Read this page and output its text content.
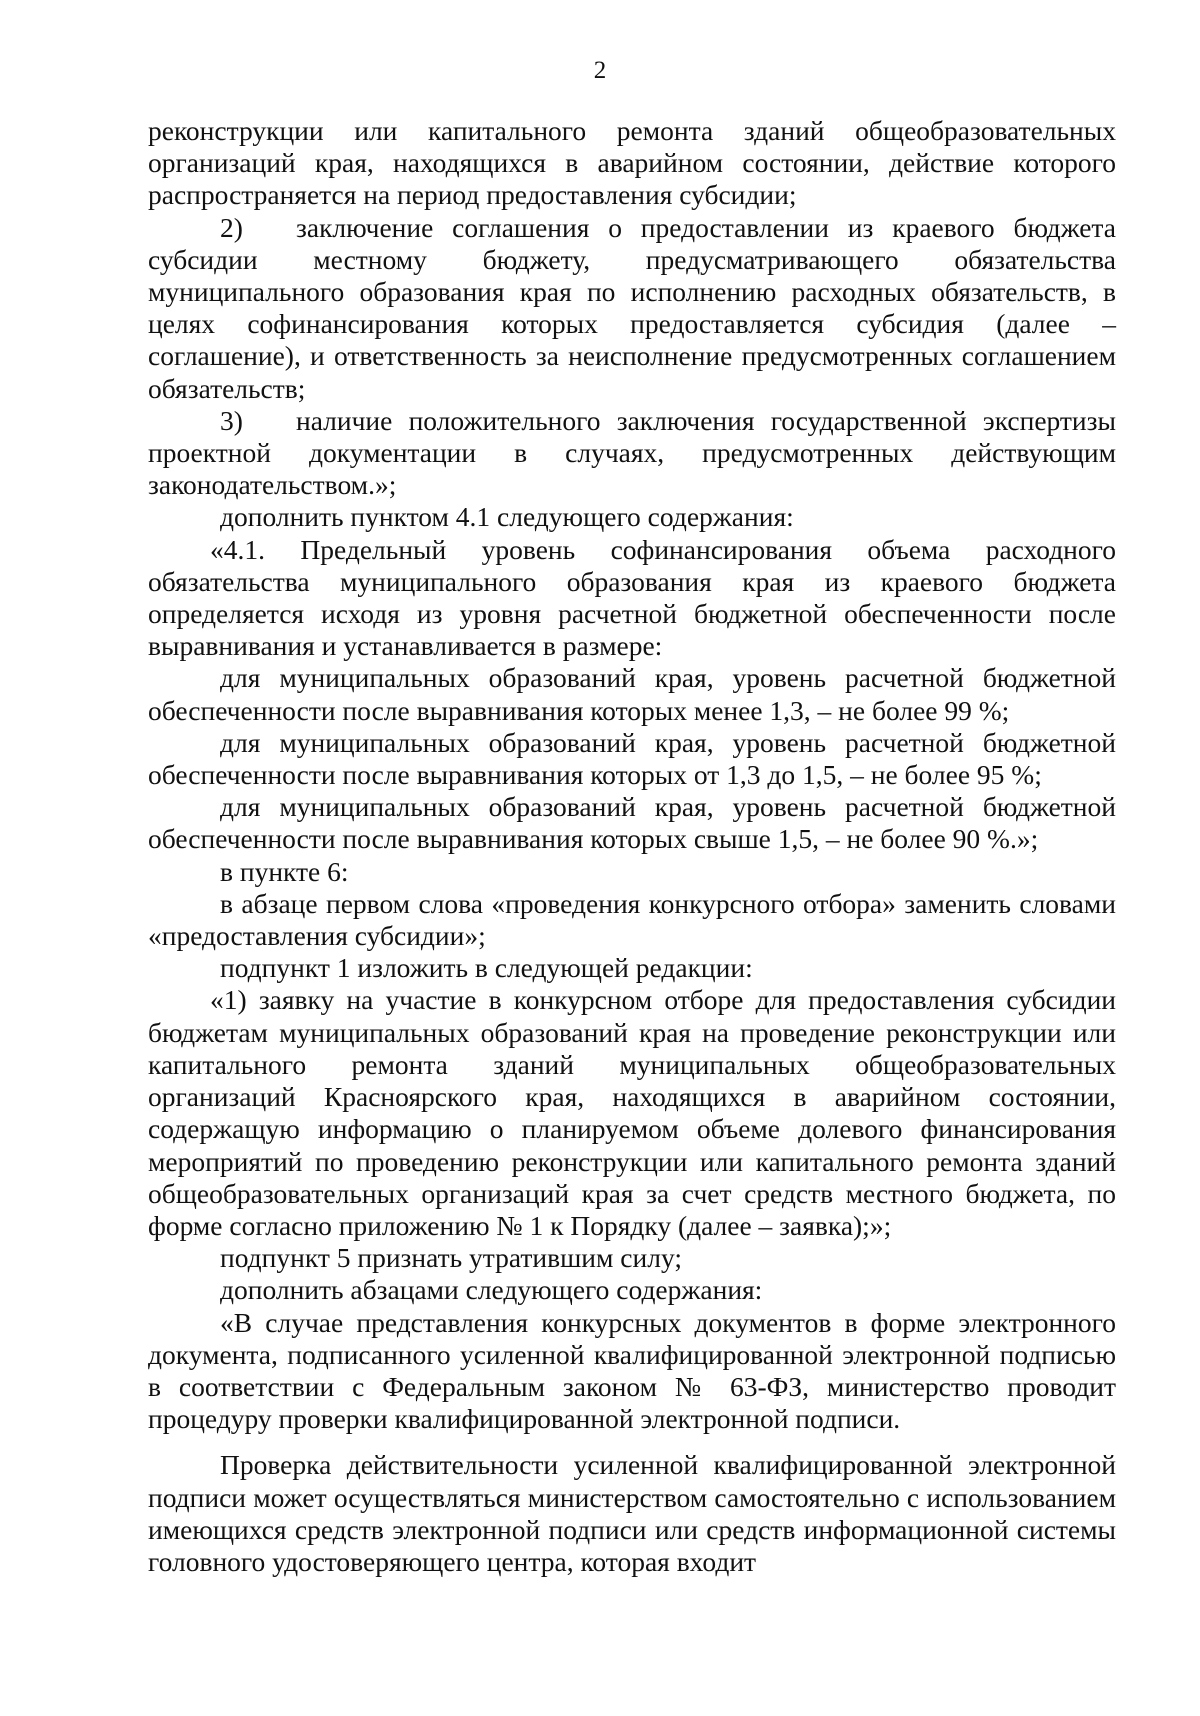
2

реконструкции или капитального ремонта зданий общеобразовательных организаций края, находящихся в аварийном состоянии, действие которого распространяется на период предоставления субсидии;

2) заключение соглашения о предоставлении из краевого бюджета субсидии местному бюджету, предусматривающего обязательства муниципального образования края по исполнению расходных обязательств, в целях софинансирования которых предоставляется субсидия (далее – соглашение), и ответственность за неисполнение предусмотренных соглашением обязательств;

3) наличие положительного заключения государственной экспертизы проектной документации в случаях, предусмотренных действующим законодательством.»;

дополнить пунктом 4.1 следующего содержания:

«4.1. Предельный уровень софинансирования объема расходного обязательства муниципального образования края из краевого бюджета определяется исходя из уровня расчетной бюджетной обеспеченности после выравнивания и устанавливается в размере:

для муниципальных образований края, уровень расчетной бюджетной обеспеченности после выравнивания которых менее 1,3, – не более 99 %;

для муниципальных образований края, уровень расчетной бюджетной обеспеченности после выравнивания которых от 1,3 до 1,5, – не более 95 %;

для муниципальных образований края, уровень расчетной бюджетной обеспеченности после выравнивания которых свыше 1,5, – не более 90 %.»;

в пункте 6:

в абзаце первом слова «проведения конкурсного отбора» заменить словами «предоставления субсидии»;

подпункт 1 изложить в следующей редакции:

«1) заявку на участие в конкурсном отборе для предоставления субсидии бюджетам муниципальных образований края на проведение реконструкции или капитального ремонта зданий муниципальных общеобразовательных организаций Красноярского края, находящихся в аварийном состоянии, содержащую информацию о планируемом объеме долевого финансирования мероприятий по проведению реконструкции или капитального ремонта зданий общеобразовательных организаций края за счет средств местного бюджета, по форме согласно приложению № 1 к Порядку (далее – заявка);»;

подпункт 5 признать утратившим силу;

дополнить абзацами следующего содержания:

«В случае представления конкурсных документов в форме электронного документа, подписанного усиленной квалифицированной электронной подписью в соответствии с Федеральным законом № 63-ФЗ, министерство проводит процедуру проверки квалифицированной электронной подписи.

Проверка действительности усиленной квалифицированной электронной подписи может осуществляться министерством самостоятельно с использованием имеющихся средств электронной подписи или средств информационной системы головного удостоверяющего центра, которая входит
